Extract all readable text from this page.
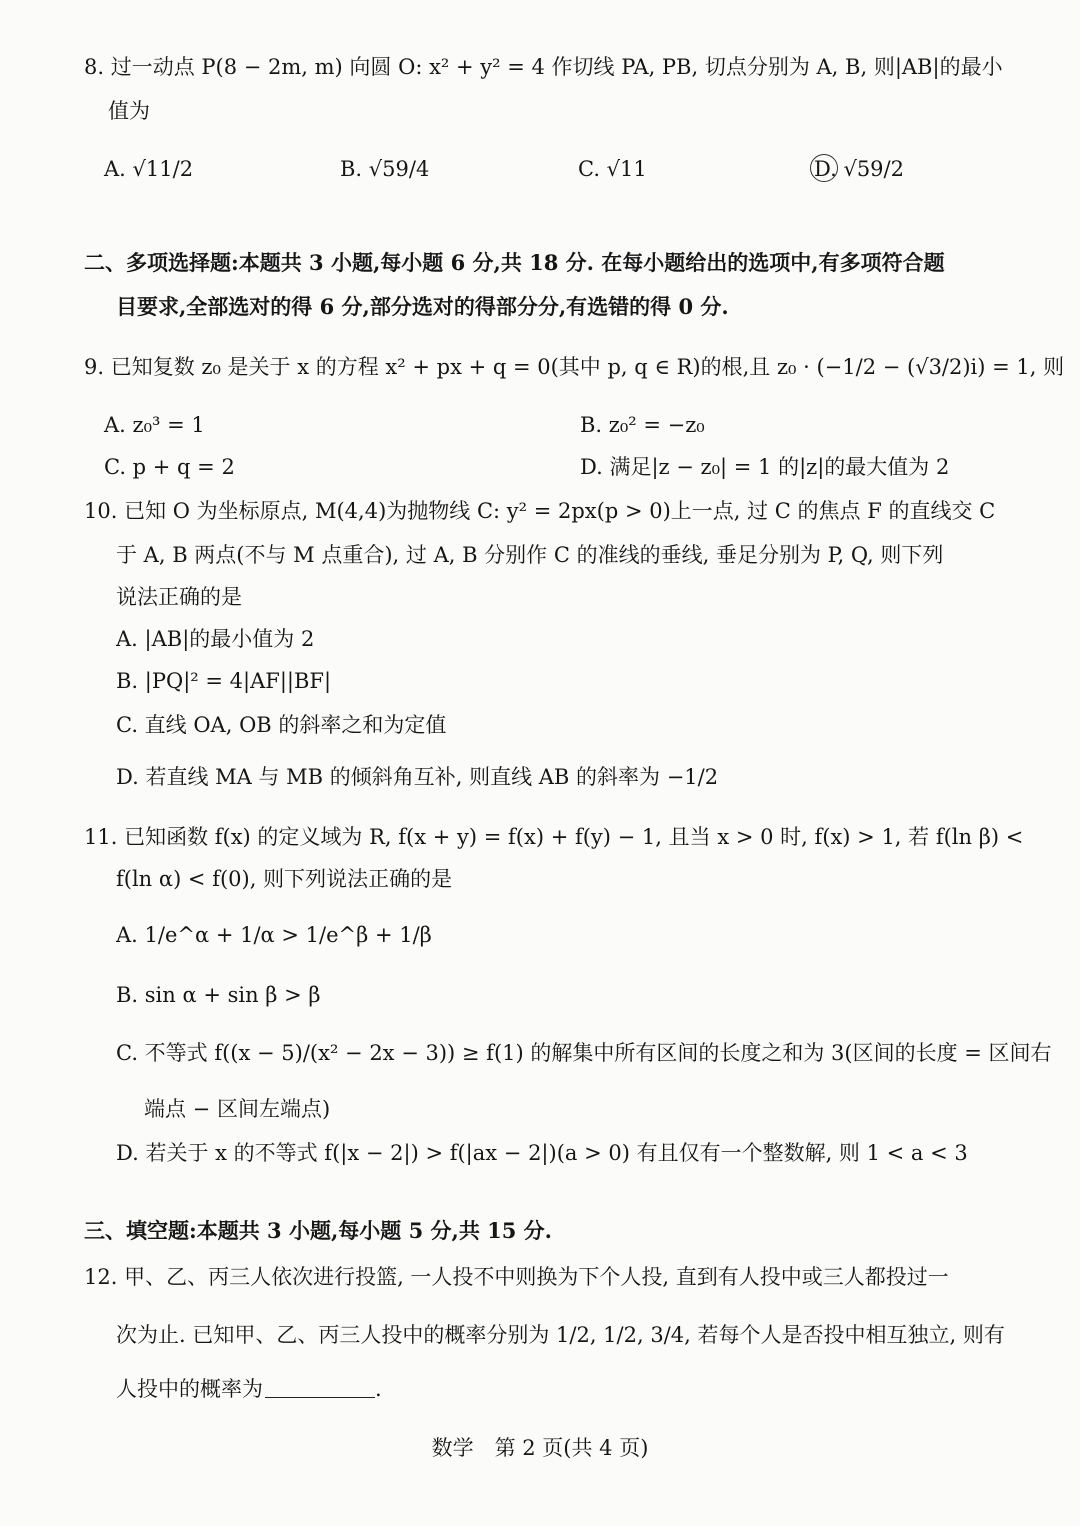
8. 过一动点 P(8 − 2m, m) 向圆 O: x² + y² = 4 作切线 PA, PB, 切点分别为 A, B, 则|AB|的最小
值为
A. √11/2	B. √59/4	C. √11	D. √59/2
二、多项选择题:本题共 3 小题,每小题 6 分,共 18 分. 在每小题给出的选项中,有多项符合题
目要求,全部选对的得 6 分,部分选对的得部分分,有选错的得 0 分.
9. 已知复数 z₀ 是关于 x 的方程 x² + px + q = 0(其中 p, q ∈ R)的根,且 z₀ · (−1/2 − (√3/2)i) = 1, 则
A. z₀³ = 1	B. z₀² = −z₀
C. p + q = 2	D. 满足|z − z₀| = 1 的|z|的最大值为 2
10. 已知 O 为坐标原点, M(4,4)为抛物线 C: y² = 2px(p > 0)上一点, 过 C 的焦点 F 的直线交 C
于 A, B 两点(不与 M 点重合), 过 A, B 分别作 C 的准线的垂线, 垂足分别为 P, Q, 则下列
说法正确的是
A. |AB|的最小值为 2
B. |PQ|² = 4|AF||BF|
C. 直线 OA, OB 的斜率之和为定值
D. 若直线 MA 与 MB 的倾斜角互补, 则直线 AB 的斜率为 −1/2
11. 已知函数 f(x) 的定义域为 R, f(x + y) = f(x) + f(y) − 1, 且当 x > 0 时, f(x) > 1, 若 f(ln β) <
f(ln α) < f(0), 则下列说法正确的是
A. 1/e^α + 1/α > 1/e^β + 1/β
B. sin α + sin β > β
C. 不等式 f((x − 5)/(x² − 2x − 3)) ≥ f(1) 的解集中所有区间的长度之和为 3(区间的长度 = 区间右
端点 − 区间左端点)
D. 若关于 x 的不等式 f(|x − 2|) > f(|ax − 2|)(a > 0) 有且仅有一个整数解, 则 1 < a < 3
三、填空题:本题共 3 小题,每小题 5 分,共 15 分.
12. 甲、乙、丙三人依次进行投篮, 一人投不中则换为下个人投, 直到有人投中或三人都投过一
次为止. 已知甲、乙、丙三人投中的概率分别为 1/2, 1/2, 3/4, 若每个人是否投中相互独立, 则有
人投中的概率为	.
数学　第 2 页(共 4 页)
